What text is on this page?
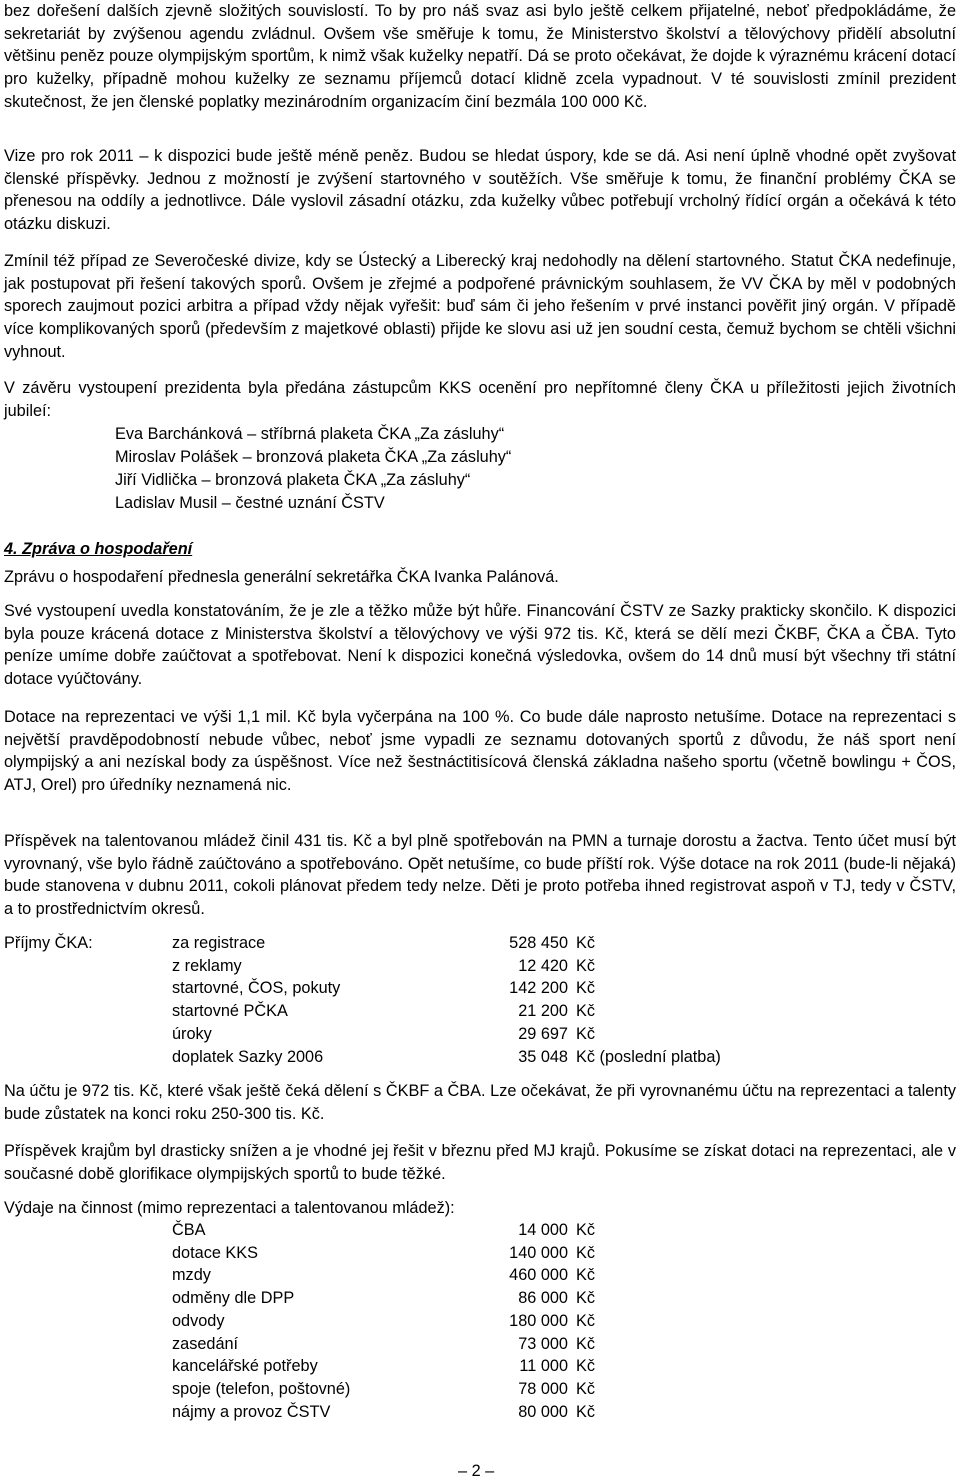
bez dořešení dalších zjevně složitých souvislostí. To by pro náš svaz asi bylo ještě celkem přijatelné, neboť předpokládáme, že sekretariát by zvýšenou agendu zvládnul. Ovšem vše směřuje k tomu, že Ministerstvo školství a tělovýchovy přidělí absolutní většinu peněz pouze olympijským sportům, k nimž však kuželky nepatří. Dá se proto očekávat, že dojde k výraznému krácení dotací pro kuželky, případně mohou kuželky ze seznamu příjemců dotací klidně zcela vypadnout. V té souvislosti zmínil prezident skutečnost, že jen členské poplatky mezinárodním organizacím činí bezmála 100 000 Kč.

Vize pro rok 2011 – k dispozici bude ještě méně peněz. Budou se hledat úspory, kde se dá. Asi není úplně vhodné opět zvyšovat členské příspěvky. Jednou z možností je zvýšení startovného v soutěžích. Vše směřuje k tomu, že finanční problémy ČKA se přenesou na oddíly a jednotlivce. Dále vyslovil zásadní otázku, zda kuželky vůbec potřebují vrcholný řídící orgán a očekává k této otázku diskuzi.

Zmínil též případ ze Severočeské divize, kdy se Ústecký a Liberecký kraj nedohodly na dělení startovného. Statut ČKA nedefinuje, jak postupovat při řešení takových sporů. Ovšem je zřejmé a podpořené právnickým souhlasem, že VV ČKA by měl v podobných sporech zaujmout pozici arbitra a případ vždy nějak vyřešit: buď sám či jeho řešením v prvé instanci pověřit jiný orgán. V případě více komplikovaných sporů (především z majetkové oblasti) přijde ke slovu asi už jen soudní cesta, čemuž bychom se chtěli všichni vyhnout.

V závěru vystoupení prezidenta byla předána zástupcům KKS ocenění pro nepřítomné členy ČKA u příležitosti jejich životních jubileí:

Eva Barchánková – stříbrná plaketa ČKA „Za zásluhy“

Miroslav Polášek – bronzová plaketa ČKA „Za zásluhy“

Jiří Vidlička – bronzová plaketa ČKA „Za zásluhy“

Ladislav Musil – čestné uznání ČSTV

4. Zpráva o hospodaření

Zprávu o hospodaření přednesla generální sekretářka ČKA Ivanka Palánová.

Své vystoupení uvedla konstatováním, že je zle a těžko může být hůře. Financování ČSTV ze Sazky prakticky skončilo. K dispozici byla pouze krácená dotace z Ministerstva školství a tělovýchovy ve výši 972 tis. Kč, která se dělí mezi ČKBF, ČKA a ČBA. Tyto peníze umíme dobře zaúčtovat a spotřebovat. Není k dispozici konečná výsledovka, ovšem do 14 dnů musí být všechny tři státní dotace vyúčtovány.

Dotace na reprezentaci ve výši 1,1 mil. Kč byla vyčerpána na 100 %. Co bude dále naprosto netušíme. Dotace na reprezentaci s největší pravděpodobností nebude vůbec, neboť jsme vypadli ze seznamu dotovaných sportů z důvodu, že náš sport není olympijský a ani nezískal body za úspěšnost. Více než šestnáctitisícová členská základna našeho sportu (včetně bowlingu + ČOS, ATJ, Orel) pro úředníky neznamená nic.

Příspěvek na talentovanou mládež činil 431 tis. Kč a byl plně spotřebován na PMN a turnaje dorostu a žactva. Tento účet musí být vyrovnaný, vše bylo řádně zaúčtováno a spotřebováno. Opět netušíme, co bude příští rok. Výše dotace na rok 2011 (bude-li nějaká) bude stanovena v dubnu 2011, cokoli plánovat předem tedy nelze. Děti je proto potřeba ihned registrovat aspoň v TJ, tedy v ČSTV, a to prostřednictvím okresů.

Příjmy ČKA:	za registrace	528 450	Kč
	z reklamy	12 420	Kč
	startovné, ČOS, pokuty	142 200	Kč
	startovné PČKA	21 200	Kč
	úroky	29 697	Kč
	doplatek Sazky 2006	35 048	Kč (poslední platba)

Na účtu je 972 tis. Kč, které však ještě čeká dělení s ČKBF a ČBA. Lze očekávat, že při vyrovnanému účtu na reprezentaci a talenty bude zůstatek na konci roku 250-300 tis. Kč.

Příspěvek krajům byl drasticky snížen a je vhodné jej řešit v březnu před MJ krajů. Pokusíme se získat dotaci na reprezentaci, ale v současné době glorifikace olympijských sportů to bude těžké.

Výdaje na činnost (mimo reprezentaci a talentovanou mládež):

ČBA	14 000	Kč
dotace KKS	140 000	Kč
mzdy	460 000	Kč
odměny dle DPP	86 000	Kč
odvody	180 000	Kč
zasedání	73 000	Kč
kancelářské potřeby	11 000	Kč
spoje (telefon, poštovné)	78 000	Kč
nájmy a provoz ČSTV	80 000	Kč
– 2 –
